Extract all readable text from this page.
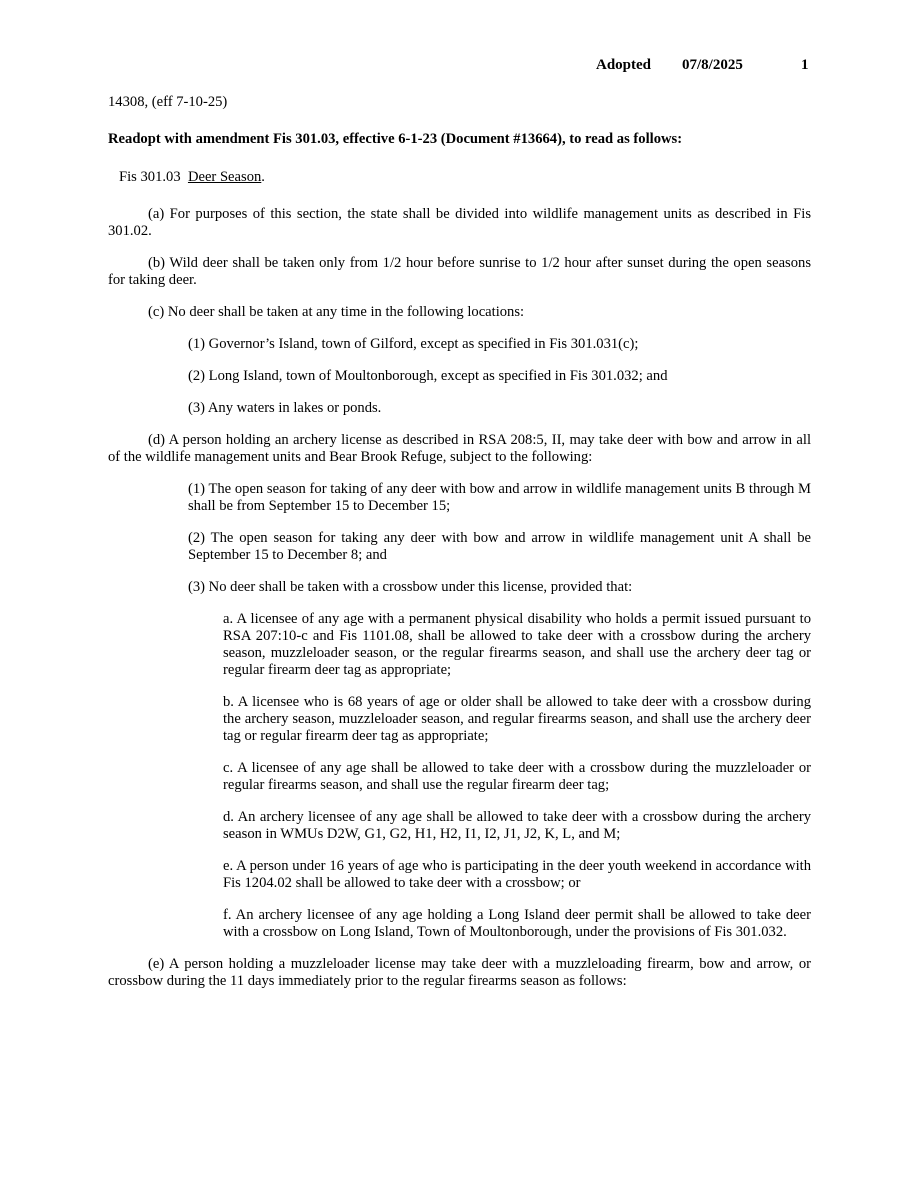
Adopted 07/8/2025	1

14308, (eff 7-10-25)

Readopt with amendment Fis 301.03, effective 6-1-23 (Document #13664), to read as follows:

Fis 301.03 Deer Season.

(a) For purposes of this section, the state shall be divided into wildlife management units as described in Fis 301.02.

(b) Wild deer shall be taken only from 1/2 hour before sunrise to 1/2 hour after sunset during the open seasons for taking deer.

(c) No deer shall be taken at any time in the following locations:

(1) Governor’s Island, town of Gilford, except as specified in Fis 301.031(c);

(2) Long Island, town of Moultonborough, except as specified in Fis 301.032; and

(3) Any waters in lakes or ponds.

(d) A person holding an archery license as described in RSA 208:5, II, may take deer with bow and arrow in all of the wildlife management units and Bear Brook Refuge, subject to the following:

(1) The open season for taking of any deer with bow and arrow in wildlife management units B through M shall be from September 15 to December 15;

(2) The open season for taking any deer with bow and arrow in wildlife management unit A shall be September 15 to December 8; and

(3) No deer shall be taken with a crossbow under this license, provided that:

a. A licensee of any age with a permanent physical disability who holds a permit issued pursuant to RSA 207:10-c and Fis 1101.08, shall be allowed to take deer with a crossbow during the archery season, muzzleloader season, or the regular firearms season, and shall use the archery deer tag or regular firearm deer tag as appropriate;

b. A licensee who is 68 years of age or older shall be allowed to take deer with a crossbow during the archery season, muzzleloader season, and regular firearms season, and shall use the archery deer tag or regular firearm deer tag as appropriate;

c. A licensee of any age shall be allowed to take deer with a crossbow during the muzzleloader or regular firearms season, and shall use the regular firearm deer tag;

d. An archery licensee of any age shall be allowed to take deer with a crossbow during the archery season in WMUs D2W, G1, G2, H1, H2, I1, I2, J1, J2, K, L, and M;

e. A person under 16 years of age who is participating in the deer youth weekend in accordance with Fis 1204.02 shall be allowed to take deer with a crossbow; or

f. An archery licensee of any age holding a Long Island deer permit shall be allowed to take deer with a crossbow on Long Island, Town of Moultonborough, under the provisions of Fis 301.032.

(e) A person holding a muzzleloader license may take deer with a muzzleloading firearm, bow and arrow, or crossbow during the 11 days immediately prior to the regular firearms season as follows:
